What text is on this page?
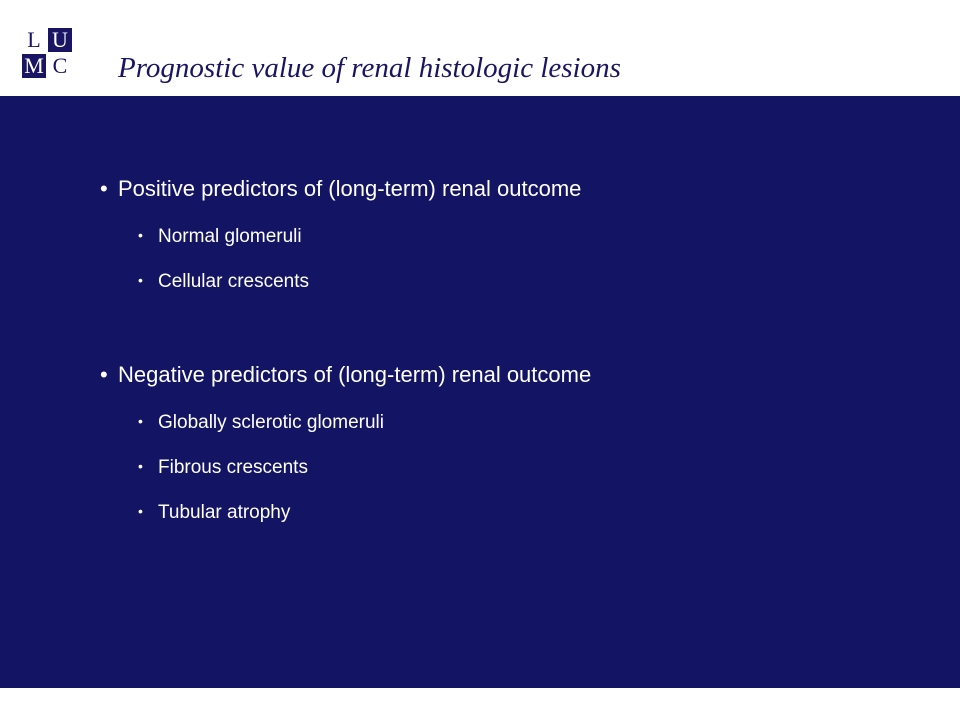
L U
M C Prognostic value of renal histologic lesions
• Positive predictors of (long-term) renal outcome
• Normal glomeruli
• Cellular crescents
• Negative predictors of (long-term) renal outcome
• Globally sclerotic glomeruli
• Fibrous crescents
• Tubular atrophy
